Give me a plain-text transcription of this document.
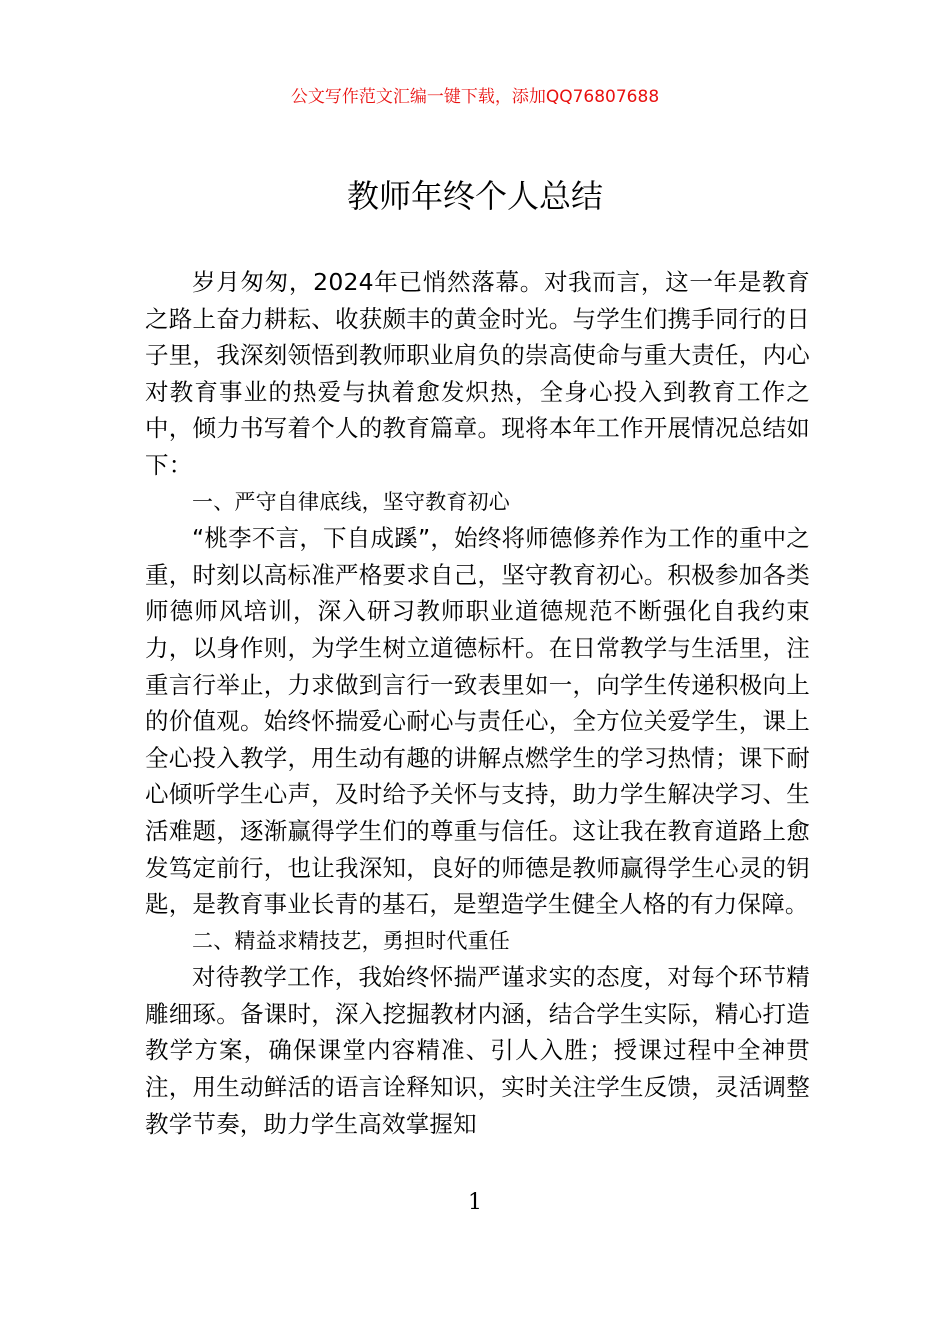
公文写作范文汇编一键下载，添加QQ76807688
教师年终个人总结

岁月匆匆，2024年已悄然落幕。对我而言，这一年是教育之路上奋力耕耘、收获颇丰的黄金时光。与学生们携手同行的日子里，我深刻领悟到教师职业肩负的崇高使命与重大责任，内心对教育事业的热爱与执着愈发炽热，全身心投入到教育工作之中，倾力书写着个人的教育篇章。现将本年工作开展情况总结如下：

一、严守自律底线，坚守教育初心

“桃李不言，下自成蹊”，始终将师德修养作为工作的重中之重，时刻以高标准严格要求自己，坚守教育初心。积极参加各类师德师风培训，深入研习教师职业道德规范不断强化自我约束力，以身作则，为学生树立道德标杆。在日常教学与生活里，注重言行举止，力求做到言行一致表里如一，向学生传递积极向上的价值观。始终怀揣爱心耐心与责任心，全方位关爱学生，课上全心投入教学，用生动有趣的讲解点燃学生的学习热情；课下耐心倾听学生心声，及时给予关怀与支持，助力学生解决学习、生活难题，逐渐赢得学生们的尊重与信任。这让我在教育道路上愈发笃定前行，也让我深知，良好的师德是教师赢得学生心灵的钥匙，是教育事业长青的基石，是塑造学生健全人格的有力保障。

二、精益求精技艺，勇担时代重任

对待教学工作，我始终怀揣严谨求实的态度，对每个环节精雕细琢。备课时，深入挖掘教材内涵，结合学生实际，精心打造教学方案，确保课堂内容精准、引人入胜；授课过程中全神贯注，用生动鲜活的语言诠释知识，实时关注学生反馈，灵活调整教学节奏，助力学生高效掌握知

1
